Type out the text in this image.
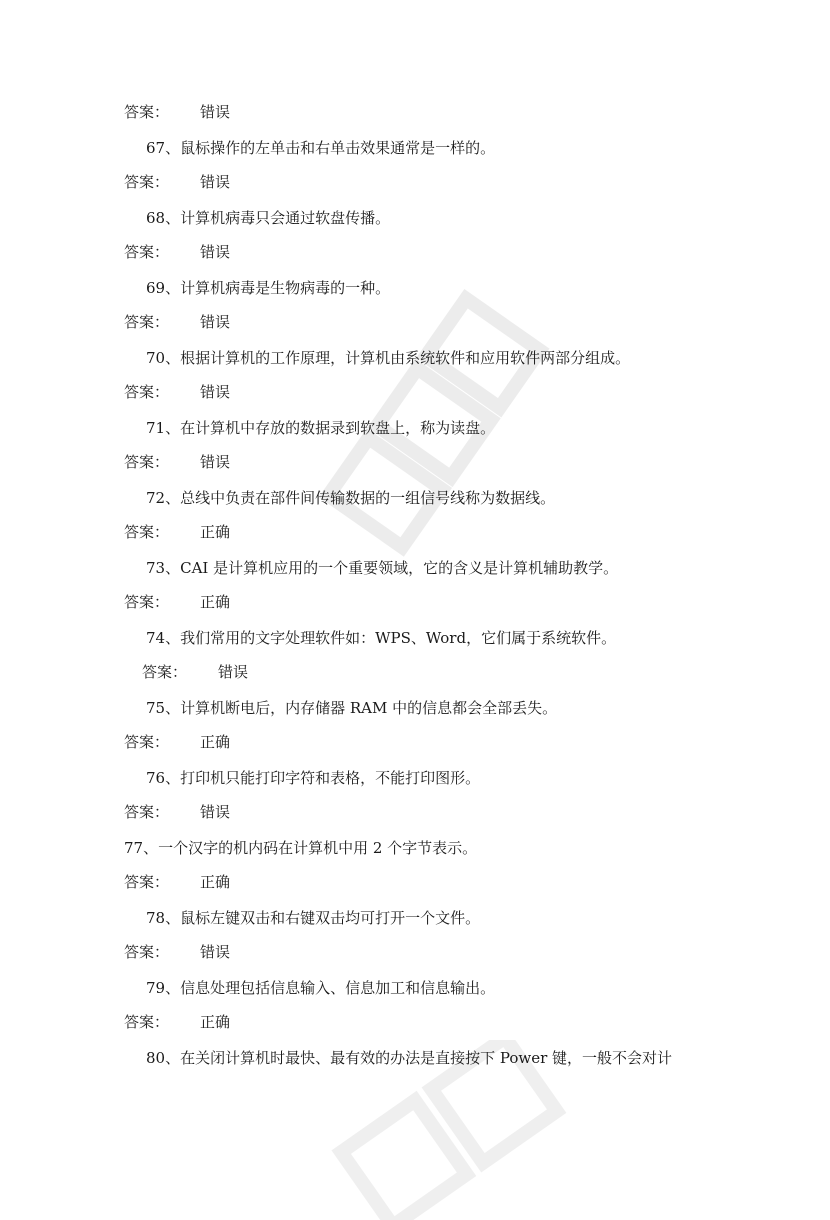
答案： 错误
67、鼠标操作的左单击和右单击效果通常是一样的。
答案： 错误
68、计算机病毒只会通过软盘传播。
答案： 错误
69、计算机病毒是生物病毒的一种。
答案： 错误
70、根据计算机的工作原理，计算机由系统软件和应用软件两部分组成。
答案： 错误
71、在计算机中存放的数据录到软盘上，称为读盘。
答案： 错误
72、总线中负责在部件间传输数据的一组信号线称为数据线。
答案： 正确
73、CAI 是计算机应用的一个重要领域，它的含义是计算机辅助教学。
答案： 正确
74、我们常用的文字处理软件如：WPS、Word，它们属于系统软件。
答案： 错误
75、计算机断电后，内存储器 RAM 中的信息都会全部丢失。
答案： 正确
76、打印机只能打印字符和表格，不能打印图形。
答案： 错误
77、一个汉字的机内码在计算机中用 2 个字节表示。
答案： 正确
78、鼠标左键双击和右键双击均可打开一个文件。
答案： 错误
79、信息处理包括信息输入、信息加工和信息输出。
答案： 正确
80、在关闭计算机时最快、最有效的办法是直接按下 Power 键，一般不会对计
